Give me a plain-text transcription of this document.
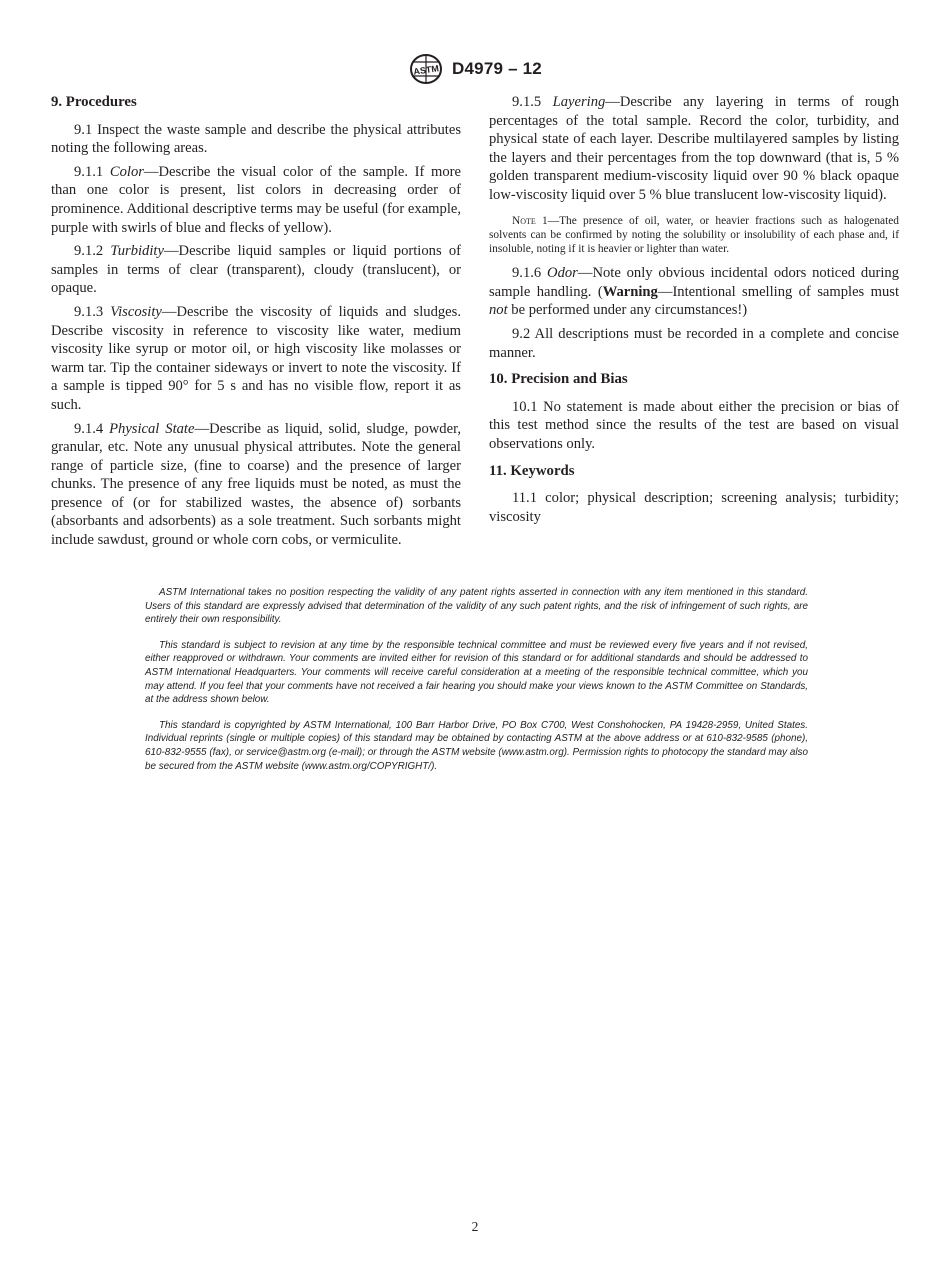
ASTM D4979 – 12
9. Procedures

9.1 Inspect the waste sample and describe the physical attributes noting the following areas.

9.1.1 Color—Describe the visual color of the sample. If more than one color is present, list colors in decreasing order of prominence. Additional descriptive terms may be useful (for example, purple with swirls of blue and flecks of yellow).

9.1.2 Turbidity—Describe liquid samples or liquid portions of samples in terms of clear (transparent), cloudy (translucent), or opaque.

9.1.3 Viscosity—Describe the viscosity of liquids and sludges. Describe viscosity in reference to viscosity like water, medium viscosity like syrup or motor oil, or high viscosity like molasses or warm tar. Tip the container sideways or invert to note the viscosity. If a sample is tipped 90° for 5 s and has no visible flow, report it as such.

9.1.4 Physical State—Describe as liquid, solid, sludge, powder, granular, etc. Note any unusual physical attributes. Note the general range of particle size, (fine to coarse) and the presence of larger chunks. The presence of any free liquids must be noted, as must the presence of (or for stabilized wastes, the absence of) sorbants (absorbants and adsorbents) as a sole treatment. Such sorbants might include sawdust, ground or whole corn cobs, or vermiculite.

9.1.5 Layering—Describe any layering in terms of rough percentages of the total sample. Record the color, turbidity, and physical state of each layer. Describe multilayered samples by listing the layers and their percentages from the top downward (that is, 5 % golden transparent medium-viscosity liquid over 90 % black opaque low-viscosity liquid over 5 % blue translucent low-viscosity liquid).

Note 1—The presence of oil, water, or heavier fractions such as halogenated solvents can be confirmed by noting the solubility or insolubility of each phase and, if insoluble, noting if it is heavier or lighter than water.

9.1.6 Odor—Note only obvious incidental odors noticed during sample handling. (Warning—Intentional smelling of samples must not be performed under any circumstances!)

9.2 All descriptions must be recorded in a complete and concise manner.

10. Precision and Bias

10.1 No statement is made about either the precision or bias of this test method since the results of the test are based on visual observations only.

11. Keywords

11.1 color; physical description; screening analysis; turbidity; viscosity

ASTM International takes no position respecting the validity of any patent rights asserted in connection with any item mentioned in this standard. Users of this standard are expressly advised that determination of the validity of any such patent rights, and the risk of infringement of such rights, are entirely their own responsibility.

This standard is subject to revision at any time by the responsible technical committee and must be reviewed every five years and if not revised, either reapproved or withdrawn. Your comments are invited either for revision of this standard or for additional standards and should be addressed to ASTM International Headquarters. Your comments will receive careful consideration at a meeting of the responsible technical committee, which you may attend. If you feel that your comments have not received a fair hearing you should make your views known to the ASTM Committee on Standards, at the address shown below.

This standard is copyrighted by ASTM International, 100 Barr Harbor Drive, PO Box C700, West Conshohocken, PA 19428-2959, United States. Individual reprints (single or multiple copies) of this standard may be obtained by contacting ASTM at the above address or at 610-832-9585 (phone), 610-832-9555 (fax), or service@astm.org (e-mail); or through the ASTM website (www.astm.org). Permission rights to photocopy the standard may also be secured from the ASTM website (www.astm.org/COPYRIGHT/).

2
